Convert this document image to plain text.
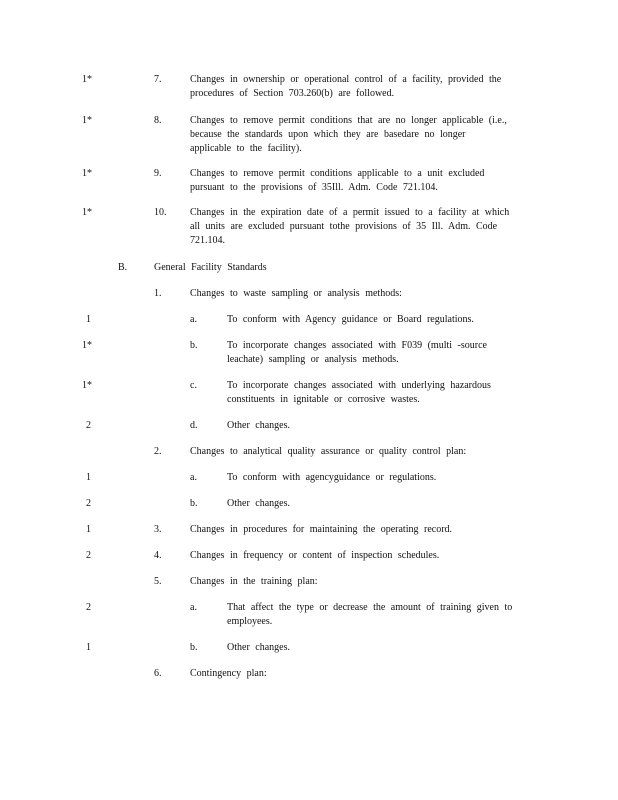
1*	7.	Changes in ownership or operational control of a facility, provided the
procedures of Section 703.260(b) are followed.
1*	8.	Changes to remove permit conditions that are no longer applicable (i.e.,
because the standards upon which they are basedare no longer
applicable to the facility).
1*	9.	Changes to remove permit conditions applicable to a unit excluded
pursuant to the provisions of 35Ill. Adm. Code 721.104.
1*	10. Changes in the expiration date of a permit issued to a facility at which
all units are excluded pursuant tothe provisions of 35 Ill. Adm. Code
721.104.
B.	General Facility Standards
1.	Changes to waste sampling or analysis methods:
1	a.	To conform with Agency guidance or Board regulations.
1*	b.	To incorporate changes associated with F039 (multi -source
leachate) sampling or analysis methods.
1*	c.	To incorporate changes associated with underlying hazardous
constituents in ignitable or corrosive wastes.
2	d.	Other changes.
2.	Changes to analytical quality assurance or quality control plan:
1	a.	To conform with agencyguidance or regulations.
2	b.	Other changes.
1	3.	Changes in procedures for maintaining the operating record.
2	4.	Changes in frequency or content of inspection schedules.
5.	Changes in the training plan:
2	a.	That affect the type or decrease the amount of training given to
employees.
1	b.	Other changes.
6.	Contingency plan:
